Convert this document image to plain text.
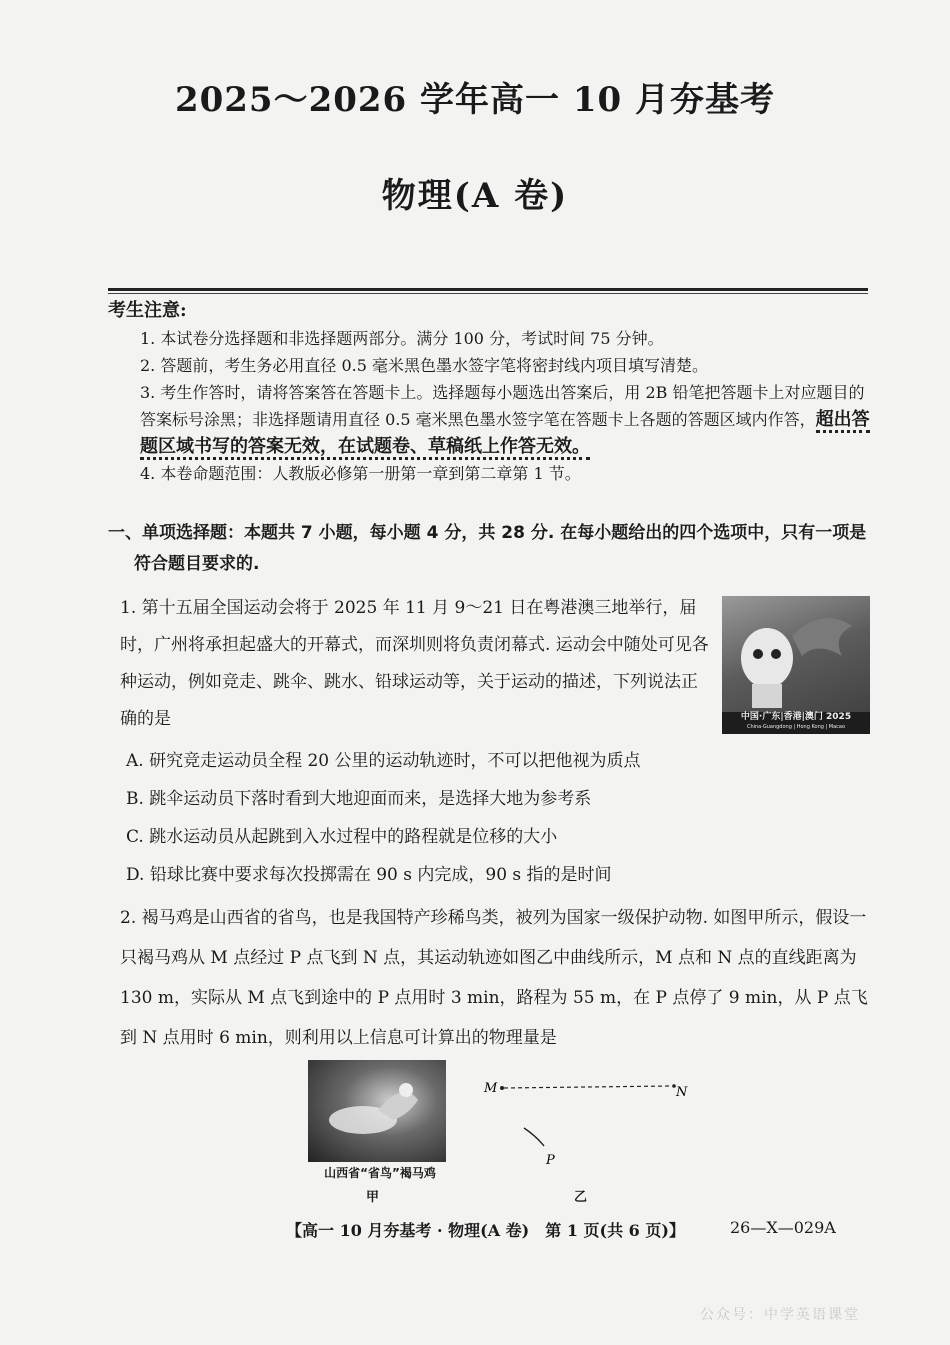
2025～2026 学年高一 10 月夯基考
物理(A 卷)
考生注意:

1. 本试卷分选择题和非选择题两部分。满分 100 分，考试时间 75 分钟。

2. 答题前，考生务必用直径 0.5 毫米黑色墨水签字笔将密封线内项目填写清楚。

3. 考生作答时，请将答案答在答题卡上。选择题每小题选出答案后，用 2B 铅笔把答题卡上对应题目的答案标号涂黑；非选择题请用直径 0.5 毫米黑色墨水签字笔在答题卡上各题的答题区域内作答，超出答题区域书写的答案无效，在试题卷、草稿纸上作答无效。

4. 本卷命题范围：人教版必修第一册第一章到第二章第 1 节。

一、单项选择题：本题共 7 小题，每小题 4 分，共 28 分. 在每小题给出的四个选项中，只有一项是
符合题目要求的.
1. 第十五届全国运动会将于 2025 年 11 月 9～21 日在粤港澳三地举行，届时，广州将承担起盛大的开幕式，而深圳则将负责闭幕式. 运动会中随处可见各种运动，例如竞走、跳伞、跳水、铅球运动等，关于运动的描述，下列说法正确的是	中国·广东|香港|澳门 2025
China·Guangdong | Hong Kong | Macao
A. 研究竞走运动员全程 20 公里的运动轨迹时，不可以把他视为质点
B. 跳伞运动员下落时看到大地迎面而来，是选择大地为参考系
C. 跳水运动员从起跳到入水过程中的路程就是位移的大小
D. 铅球比赛中要求每次投掷需在 90 s 内完成，90 s 指的是时间
2. 褐马鸡是山西省的省鸟，也是我国特产珍稀鸟类，被列为国家一级保护动物. 如图甲所示，假设一只褐马鸡从 M 点经过 P 点飞到 N 点，其运动轨迹如图乙中曲线所示，M 点和 N 点的直线距离为 130 m，实际从 M 点飞到途中的 P 点用时 3 min，路程为 55 m，在 P 点停了 9 min，从 P 点飞到 N 点用时 6 min，则利用以上信息可计算出的物理量是
山西省“省鸟”褐马鸡
甲	乙
M	N
P
【高一 10 月夯基考 · 物理(A 卷)　第 1 页(共 6 页)】	26—X—029A
公众号：中学英语课堂
